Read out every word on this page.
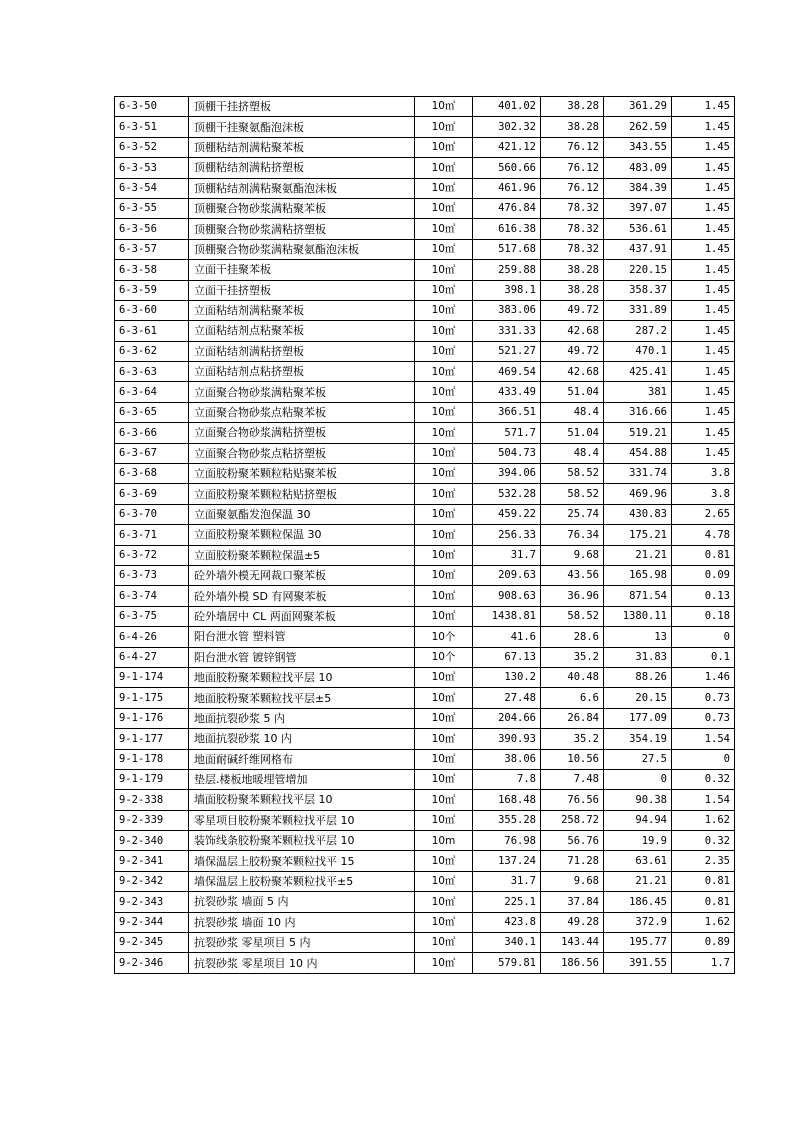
6-3-50	顶棚干挂挤塑板	10㎡	401.02	38.28	361.29	1.45
6-3-51	顶棚干挂聚氨酯泡沫板	10㎡	302.32	38.28	262.59	1.45
6-3-52	顶棚粘结剂满粘聚苯板	10㎡	421.12	76.12	343.55	1.45
6-3-53	顶棚粘结剂满粘挤塑板	10㎡	560.66	76.12	483.09	1.45
6-3-54	顶棚粘结剂满粘聚氨酯泡沫板	10㎡	461.96	76.12	384.39	1.45
6-3-55	顶棚聚合物砂浆满粘聚苯板	10㎡	476.84	78.32	397.07	1.45
6-3-56	顶棚聚合物砂浆满粘挤塑板	10㎡	616.38	78.32	536.61	1.45
6-3-57	顶棚聚合物砂浆满粘聚氨酯泡沫板	10㎡	517.68	78.32	437.91	1.45
6-3-58	立面干挂聚苯板	10㎡	259.88	38.28	220.15	1.45
6-3-59	立面干挂挤塑板	10㎡	398.1	38.28	358.37	1.45
6-3-60	立面粘结剂满粘聚苯板	10㎡	383.06	49.72	331.89	1.45
6-3-61	立面粘结剂点粘聚苯板	10㎡	331.33	42.68	287.2	1.45
6-3-62	立面粘结剂满粘挤塑板	10㎡	521.27	49.72	470.1	1.45
6-3-63	立面粘结剂点粘挤塑板	10㎡	469.54	42.68	425.41	1.45
6-3-64	立面聚合物砂浆满粘聚苯板	10㎡	433.49	51.04	381	1.45
6-3-65	立面聚合物砂浆点粘聚苯板	10㎡	366.51	48.4	316.66	1.45
6-3-66	立面聚合物砂浆满粘挤塑板	10㎡	571.7	51.04	519.21	1.45
6-3-67	立面聚合物砂浆点粘挤塑板	10㎡	504.73	48.4	454.88	1.45
6-3-68	立面胶粉聚苯颗粒粘贴聚苯板	10㎡	394.06	58.52	331.74	3.8
6-3-69	立面胶粉聚苯颗粒粘贴挤塑板	10㎡	532.28	58.52	469.96	3.8
6-3-70	立面聚氨酯发泡保温 30	10㎡	459.22	25.74	430.83	2.65
6-3-71	立面胶粉聚苯颗粒保温 30	10㎡	256.33	76.34	175.21	4.78
6-3-72	立面胶粉聚苯颗粒保温±5	10㎡	31.7	9.68	21.21	0.81
6-3-73	砼外墙外模无网裁口聚苯板	10㎡	209.63	43.56	165.98	0.09
6-3-74	砼外墙外模 SD 有网聚苯板	10㎡	908.63	36.96	871.54	0.13
6-3-75	砼外墙居中 CL 两面网聚苯板	10㎡	1438.81	58.52	1380.11	0.18
6-4-26	阳台泄水管 塑料管	10个	41.6	28.6	13	0
6-4-27	阳台泄水管 镀锌钢管	10个	67.13	35.2	31.83	0.1
9-1-174	地面胶粉聚苯颗粒找平层 10	10㎡	130.2	40.48	88.26	1.46
9-1-175	地面胶粉聚苯颗粒找平层±5	10㎡	27.48	6.6	20.15	0.73
9-1-176	地面抗裂砂浆 5 内	10㎡	204.66	26.84	177.09	0.73
9-1-177	地面抗裂砂浆 10 内	10㎡	390.93	35.2	354.19	1.54
9-1-178	地面耐碱纤维网格布	10㎡	38.06	10.56	27.5	0
9-1-179	垫层.楼板地暖埋管增加	10㎡	7.8	7.48	0	0.32
9-2-338	墙面胶粉聚苯颗粒找平层 10	10㎡	168.48	76.56	90.38	1.54
9-2-339	零星项目胶粉聚苯颗粒找平层 10	10㎡	355.28	258.72	94.94	1.62
9-2-340	装饰线条胶粉聚苯颗粒找平层 10	10m	76.98	56.76	19.9	0.32
9-2-341	墙保温层上胶粉聚苯颗粒找平 15	10㎡	137.24	71.28	63.61	2.35
9-2-342	墙保温层上胶粉聚苯颗粒找平±5	10㎡	31.7	9.68	21.21	0.81
9-2-343	抗裂砂浆 墙面 5 内	10㎡	225.1	37.84	186.45	0.81
9-2-344	抗裂砂浆 墙面 10 内	10㎡	423.8	49.28	372.9	1.62
9-2-345	抗裂砂浆 零星项目 5 内	10㎡	340.1	143.44	195.77	0.89
9-2-346	抗裂砂浆 零星项目 10 内	10㎡	579.81	186.56	391.55	1.7
